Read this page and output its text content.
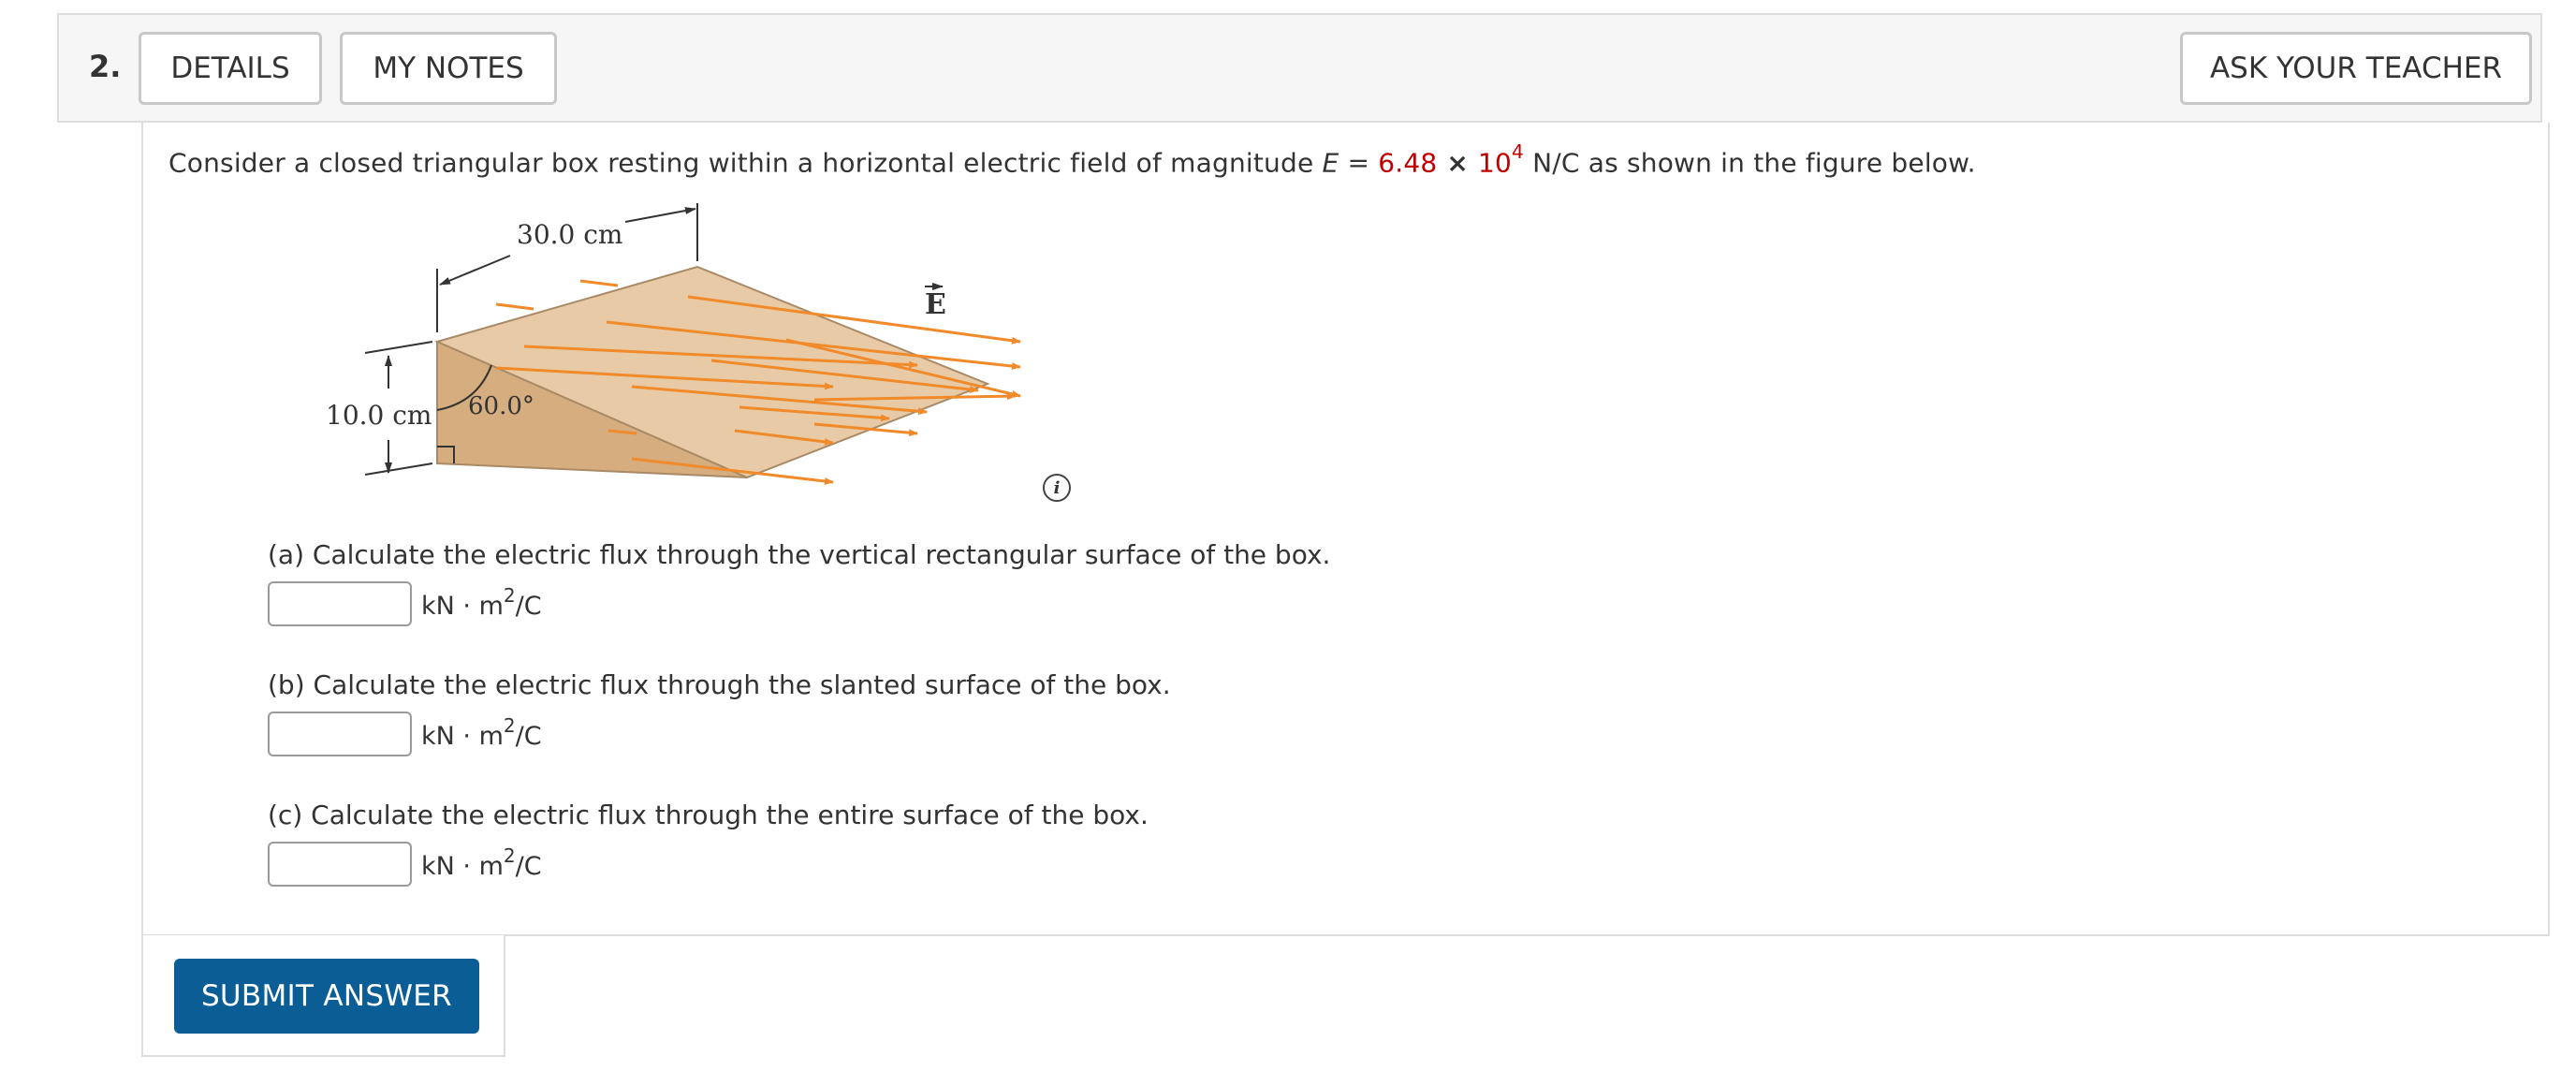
2.	DETAILS	MY NOTES	ASK YOUR TEACHER
Consider a closed triangular box resting within a horizontal electric field of magnitude $E = 6.48 \times 10^4$ N/C as shown in the figure below.
30.0 cm
10.0 cm 60.0°
E
i
(a) Calculate the electric flux through the vertical rectangular surface of the box.
kN · $m^2/C$
(b) Calculate the electric flux through the slanted surface of the box.
kN · $m^2/C$
(c) Calculate the electric flux through the entire surface of the box.
kN · $m^2/C$
SUBMIT ANSWER
